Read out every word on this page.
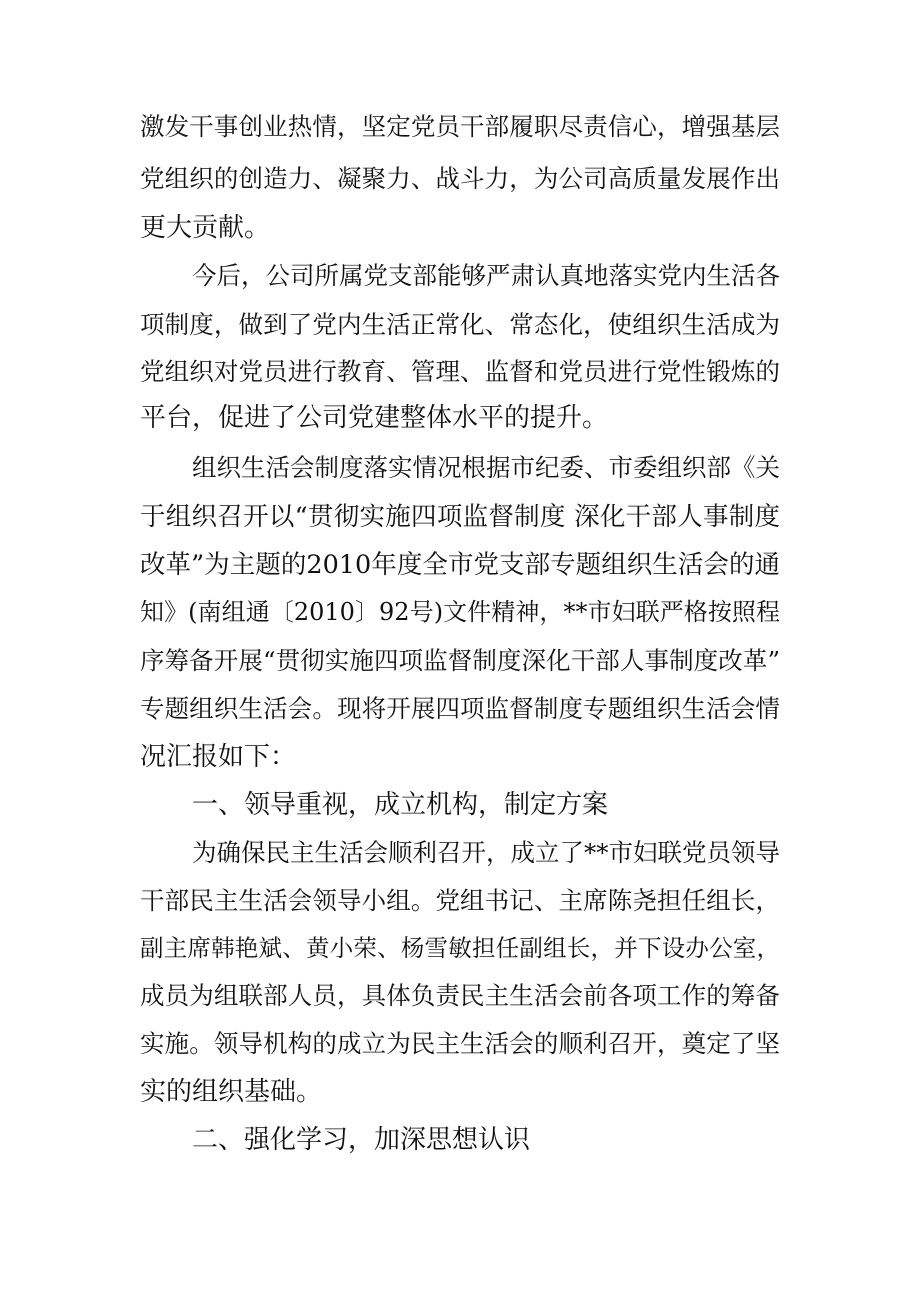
激发干事创业热情，坚定党员干部履职尽责信心，增强基层

党组织的创造力、凝聚力、战斗力，为公司高质量发展作出

更大贡献。

今后，公司所属党支部能够严肃认真地落实党内生活各

项制度，做到了党内生活正常化、常态化，使组织生活成为

党组织对党员进行教育、管理、监督和党员进行党性锻炼的

平台，促进了公司党建整体水平的提升。

组织生活会制度落实情况根据市纪委、市委组织部《关

于组织召开以“贯彻实施四项监督制度 深化干部人事制度

改革”为主题的2010年度全市党支部专题组织生活会的通

知》(南组通〔2010〕92号)文件精神，**市妇联严格按照程

序筹备开展“贯彻实施四项监督制度深化干部人事制度改革”

专题组织生活会。现将开展四项监督制度专题组织生活会情

况汇报如下：

一、领导重视，成立机构，制定方案

为确保民主生活会顺利召开，成立了**市妇联党员领导

干部民主生活会领导小组。党组书记、主席陈尧担任组长，

副主席韩艳斌、黄小荣、杨雪敏担任副组长，并下设办公室，

成员为组联部人员，具体负责民主生活会前各项工作的筹备

实施。领导机构的成立为民主生活会的顺利召开，奠定了坚

实的组织基础。

二、强化学习，加深思想认识
